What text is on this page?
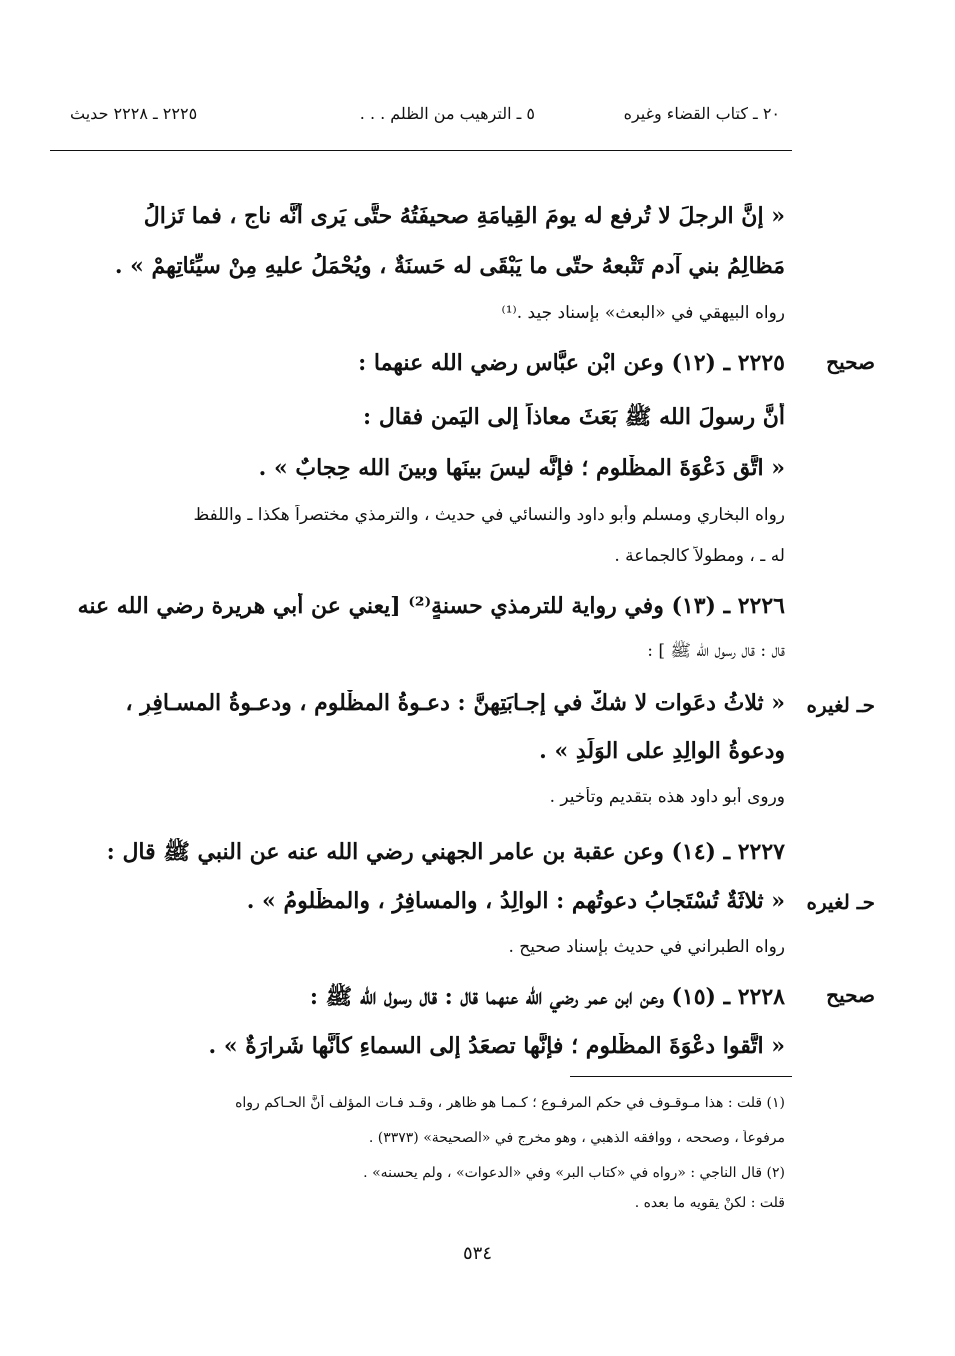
٢٠ ـ كتاب القضاء وغيره
٥ ـ الترهيب من الظلم . . .
٢٢٢٥ ـ ٢٢٢٨ حديث
« إنَّ الرجلَ لا تُرفع له يومَ القِيامَةِ صحيفَتُهُ حتَّى يَرى أنَّه ناج ، فما تَزالُ
مَظالِمُ بني آدم تَتْبعهُ حتّى ما يَبْقَى له حَسنَةٌ ، ويُحْمَلُ عليهِ مِنْ سيِّئاتِهِمْ » .
رواه البيهقي في «البعث» بإسناد جيد .⁽¹⁾
صحيح
٢٢٢٥ ـ (١٢) وعن ابْنِ عبَّاس رضي الله عنهما :
أنَّ رسولَ الله ﷺ بَعَثَ معاذاً إلى اليَمن فقال :
« اتَّقِ دَعْوَةَ المظْلومِ ؛ فإنَّه ليسَ بينَها وبينَ الله حِجابٌ » .
رواه البخاري ومسلم وأبو داود والنسائي في حديث ، والترمذي مختصراً هكذا ـ واللفظ
له ـ ، ومطولاً كالجماعة .
٢٢٢٦ ـ (١٣) وفي رواية للترمذي حسنةٍ⁽²⁾ [يعني عن أبي هريرة رضي الله عنه
قال : قال رسول الله ﷺ ] :
حـ لغيره
« ثلاثُ دعَوات لا شكَّ في إجـابَتِهِنَّ : دعـوةُ المظْلومِ ، ودعـوةُ المسـافِرِ ،
ودعوةُ الوالِدِ على الوَلَدِ » .
وروى أبو داود هذه بتقديم وتأخير .
٢٢٢٧ ـ (١٤) وعن عقبة بن عامر الجهني رضي الله عنه عن النبي ﷺ قال :
حـ لغيره
« ثلاثَةٌ تُسْتَجابُ دعوتُهم : الوالِدُ ، والمسافِرُ ، والمظْلومُ » .
رواه الطبراني في حديث بإسناد صحيح .
صحيح
٢٢٢٨ ـ (١٥) وعن ابن عمر رضي الله عنهما قال : قال رسول الله ﷺ :
« اتَّقوا دعْوَةَ المظْلومِ ؛ فإنَّها تصعَدُ إلى السماءِ كأنَّها شَرارَةٌ » .
(١) قلت : هذا مـوقـوف في حكم المرفـوع ؛ كـمـا هو ظاهر ، وقـد فـات المؤلف أنَّ الحـاكم رواه
مرفوعاً ، وصححه ، ووافقه الذهبي ، وهو مخرج في «الصحيحة» (٣٣٧٣) .
(٢) قال الناجي : «رواه في «كتاب البر» وفي «الدعوات» ، ولم يحسنه» .
قلت : لكنْ يقويه ما بعده .
٥٣٤
